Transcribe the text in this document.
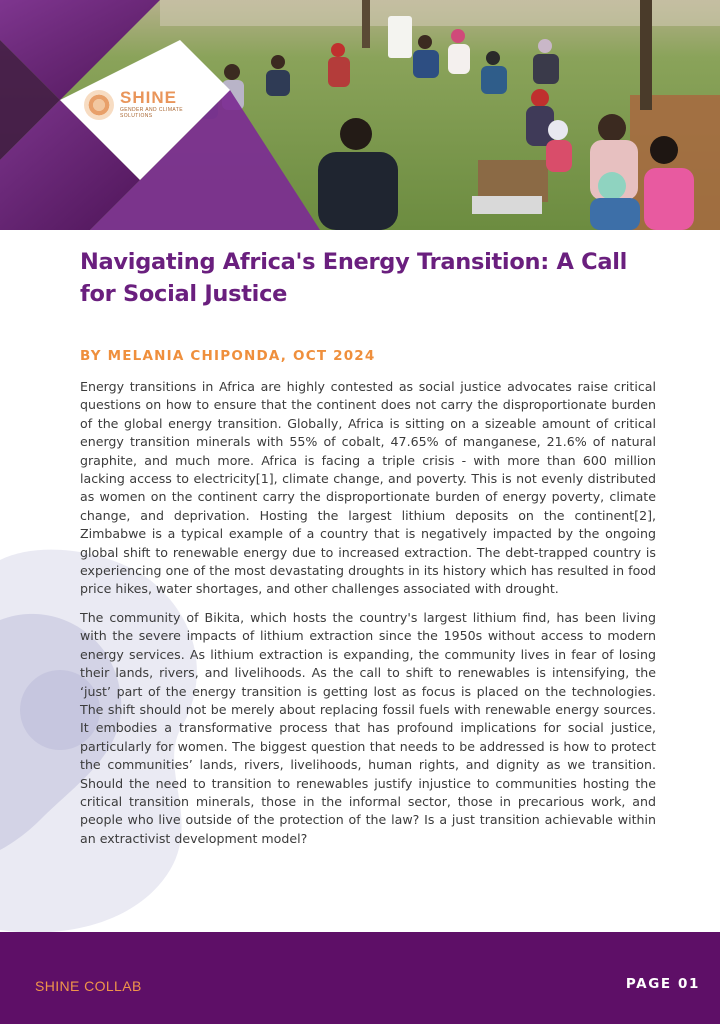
SHINE
GENDER AND CLIMATE SOLUTIONS
Navigating Africa's Energy Transition: A Call for Social Justice
BY MELANIA CHIPONDA, OCT 2024

Energy transitions in Africa are highly contested as social justice advocates raise critical questions on how to ensure that the continent does not carry the disproportionate burden of the global energy transition. Globally, Africa is sitting on a sizeable amount of critical energy transition minerals with 55% of cobalt, 47.65% of manganese, 21.6% of natural graphite, and much more. Africa is facing a triple crisis - with more than 600 million lacking access to electricity[1], climate change, and poverty. This is not evenly distributed as women on the continent carry the disproportionate burden of energy poverty, climate change, and deprivation. Hosting the largest lithium deposits on the continent[2], Zimbabwe is a typical example of a country that is negatively impacted by the ongoing global shift to renewable energy due to increased extraction. The debt-trapped country is experiencing one of the most devastating droughts in its history which has resulted in food price hikes, water shortages, and other challenges associated with drought.

The community of Bikita, which hosts the country's largest lithium find, has been living with the severe impacts of lithium extraction since the 1950s without access to modern energy services. As lithium extraction is expanding, the community lives in fear of losing their lands, rivers, and livelihoods. As the call to shift to renewables is intensifying, the ‘just’ part of the energy transition is getting lost as focus is placed on the technologies. The shift should not be merely about replacing fossil fuels with renewable energy sources. It embodies a transformative process that has profound implications for social justice, particularly for women. The biggest question that needs to be addressed is how to protect the communities’ lands, rivers, livelihoods, human rights, and dignity as we transition. Should the need to transition to renewables justify injustice to communities hosting the critical transition minerals, those in the informal sector, those in precarious work, and people who live outside of the protection of the law? Is a just transition achievable within an extractivist development model?

SHINE COLLAB	PAGE 01
